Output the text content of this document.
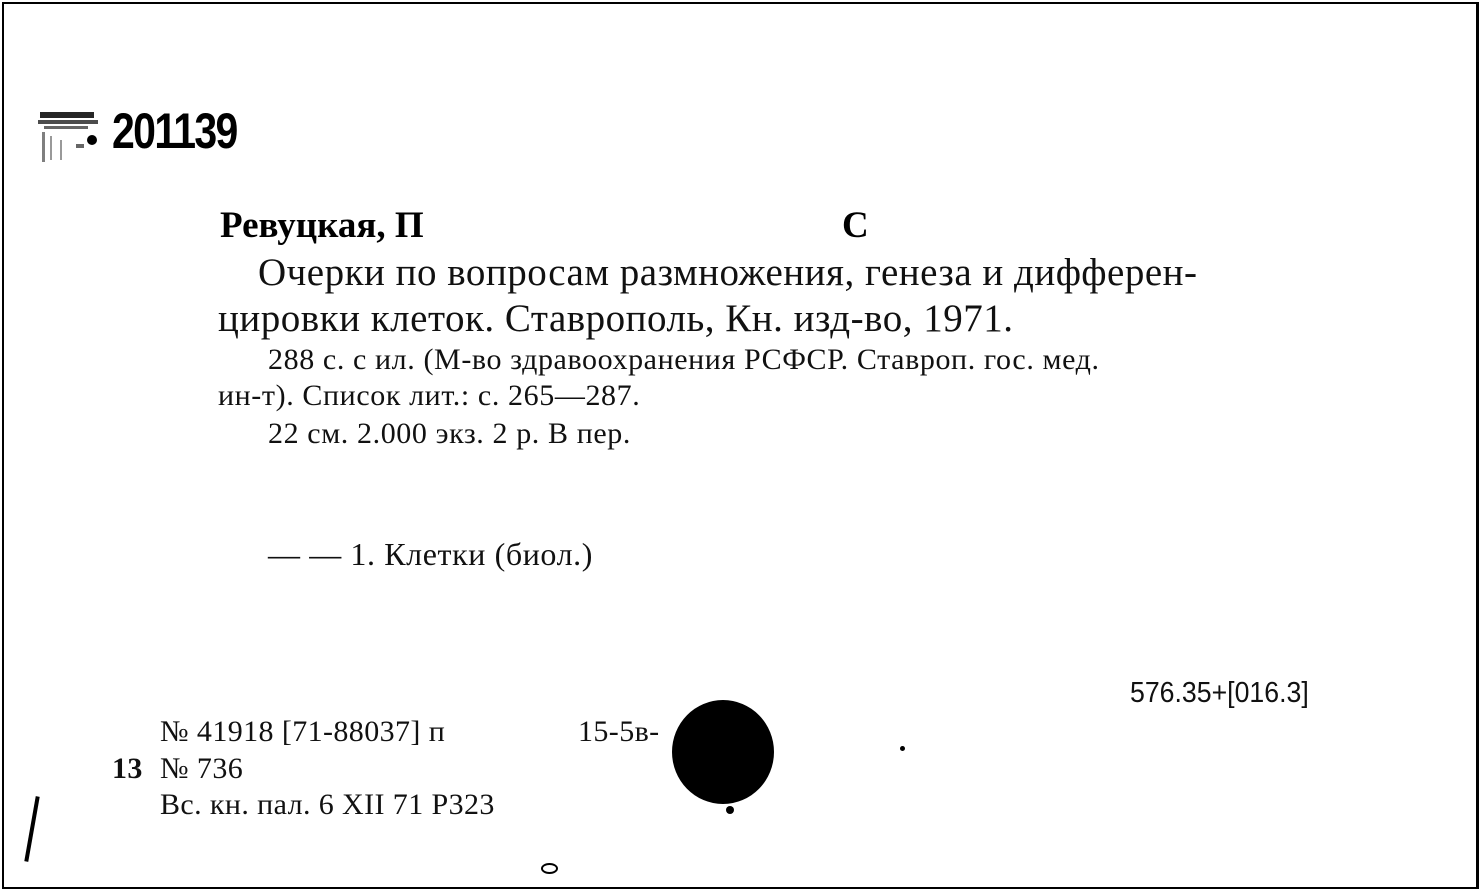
201139
Ревуцкая, П	С
Очерки по вопросам размножения, генеза и дифферен-
цировки клеток. Ставрополь, Кн. изд-во, 1971.
288 с. с ил. (М-во здравоохранения РСФСР. Ставроп. гос. мед.
ин-т). Список лит.: с. 265—287.
22 см. 2.000 экз. 2 р. В пер.
— — 1. Клетки (биол.)
576.35+[016.3]
№ 41918 [71-88037] п	15-5в-
13 № 736
Вс. кн. пал. 6 XII 71 Р323
